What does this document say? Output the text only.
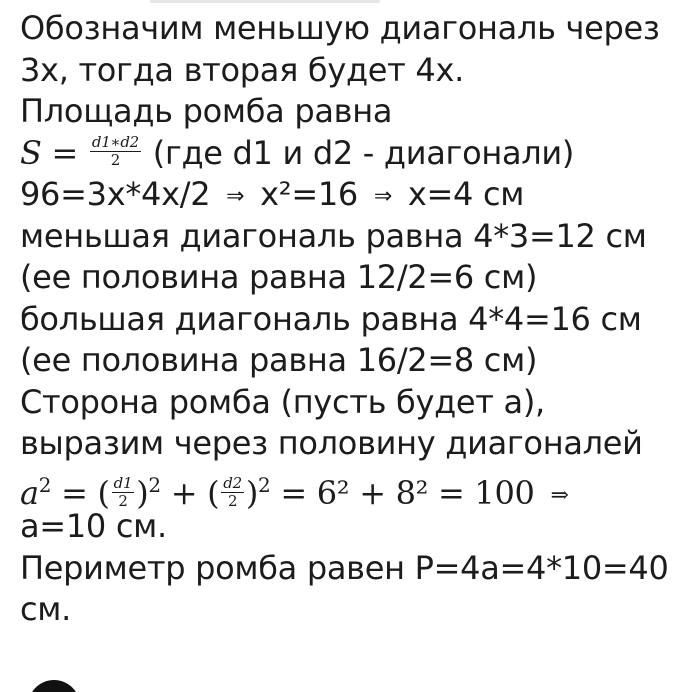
Обозначим меньшую диагональ через
3х, тогда вторая будет 4х.
Площадь ромба равна
$S = \frac{d1∗d2}{2} (где$ d1 и d2 - диагонали)
96=3х*4х/2 ⇒ х²=16 ⇒ х=4 см
меньшая диагональ равна 4*3=12 см
(ее половина равна 12/2=6 см)
большая диагональ равна 4*4=16 см
(ее половина равна 16/2=8 см)
Сторона ромба (пусть будет а),
выразим через половину диагоналей
$a^2$ = ( $\frac{d1}{2} )^2$ + ( $\frac{d2}{2} )^2 = 6^2 + 8^2 = 100$ ⇒
а=10 см.
Периметр ромба равен Р=4а=4*10=40
см.
